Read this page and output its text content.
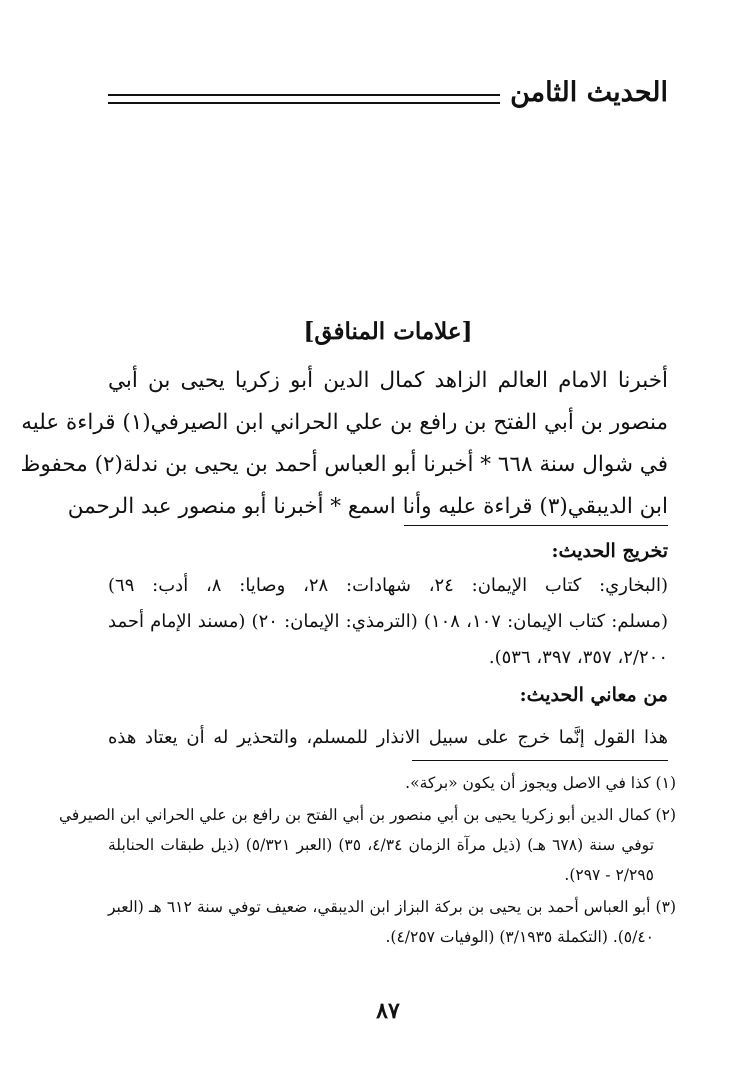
الحديث الثامن
[علامات المنافق]
أخبرنا الامام العالم الزاهد كمال الدين أبو زكريا يحيى بن أبي
منصور بن أبي الفتح بن رافع بن علي الحراني ابن الصيرفي(١) قراءة عليه
في شوال سنة ٦٦٨ * أخبرنا أبو العباس أحمد بن يحيى بن ندلة(٢) محفوظ
ابن الديبقي(٣) قراءة عليه وأنا اسمع * أخبرنا أبو منصور عبد الرحمن
تخريج الحديث:
(البخاري: كتاب الإيمان: ٢٤، شهادات: ٢٨، وصايا: ٨، أدب: ٦٩)
(مسلم: كتاب الإيمان: ١٠٧، ١٠٨) (الترمذي: الإيمان: ٢٠) (مسند الإمام أحمد
٢/٢٠٠، ٣٥٧، ٣٩٧، ٥٣٦).
من معاني الحديث:
هذا القول إنَّما خرج على سبيل الانذار للمسلم، والتحذير له أن يعتاد هذه
(١) كذا في الاصل ويجوز أن يكون «بركة».
(٢) كمال الدين أبو زكريا يحيى بن أبي منصور بن أبي الفتح بن رافع بن علي الحراني ابن الصيرفي
توفي سنة (٦٧٨ هـ) (ذيل مرآة الزمان ٤/٣٤، ٣٥) (العبر ٥/٣٢١) (ذيل طبقات الحنابلة
٢/٢٩٥ - ٢٩٧).
(٣) أبو العباس أحمد بن يحيى بن بركة البزاز ابن الديبقي، ضعيف توفي سنة ٦١٢ هـ (العبر
٥/٤٠). (التكملة ٣/١٩٣٥) (الوفيات ٤/٢٥٧).
٨٧
